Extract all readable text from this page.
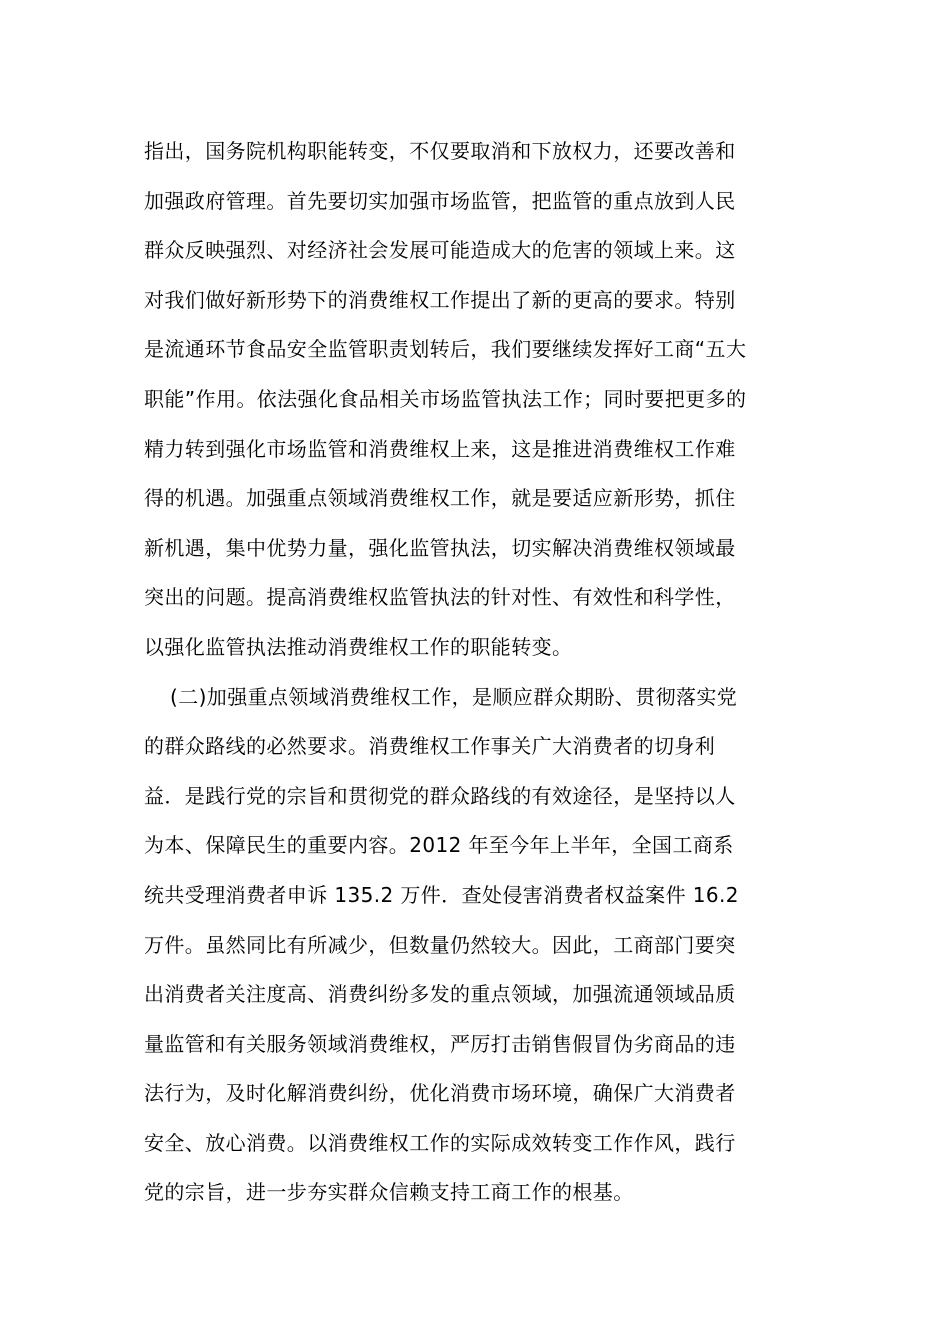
指出，国务院机构职能转变，不仅要取消和下放权力，还要改善和
加强政府管理。首先要切实加强市场监管，把监管的重点放到人民
群众反映强烈、对经济社会发展可能造成大的危害的领域上来。这
对我们做好新形势下的消费维权工作提出了新的更高的要求。特别
是流通环节食品安全监管职责划转后，我们要继续发挥好工商“五大
职能”作用。依法强化食品相关市场监管执法工作；同时要把更多的
精力转到强化市场监管和消费维权上来，这是推进消费维权工作难
得的机遇。加强重点领域消费维权工作，就是要适应新形势，抓住
新机遇，集中优势力量，强化监管执法，切实解决消费维权领域最
突出的问题。提高消费维权监管执法的针对性、有效性和科学性，
以强化监管执法推动消费维权工作的职能转变。
(二)加强重点领域消费维权工作，是顺应群众期盼、贯彻落实党
的群众路线的必然要求。消费维权工作事关广大消费者的切身利
益．是践行党的宗旨和贯彻党的群众路线的有效途径，是坚持以人
为本、保障民生的重要内容。2012 年至今年上半年，全国工商系
统共受理消费者申诉 135.2 万件．查处侵害消费者权益案件 16.2
万件。虽然同比有所减少，但数量仍然较大。因此，工商部门要突
出消费者关注度高、消费纠纷多发的重点领域，加强流通领域品质
量监管和有关服务领域消费维权，严厉打击销售假冒伪劣商品的违
法行为，及时化解消费纠纷，优化消费市场环境，确保广大消费者
安全、放心消费。以消费维权工作的实际成效转变工作作风，践行
党的宗旨，进一步夯实群众信赖支持工商工作的根基。
